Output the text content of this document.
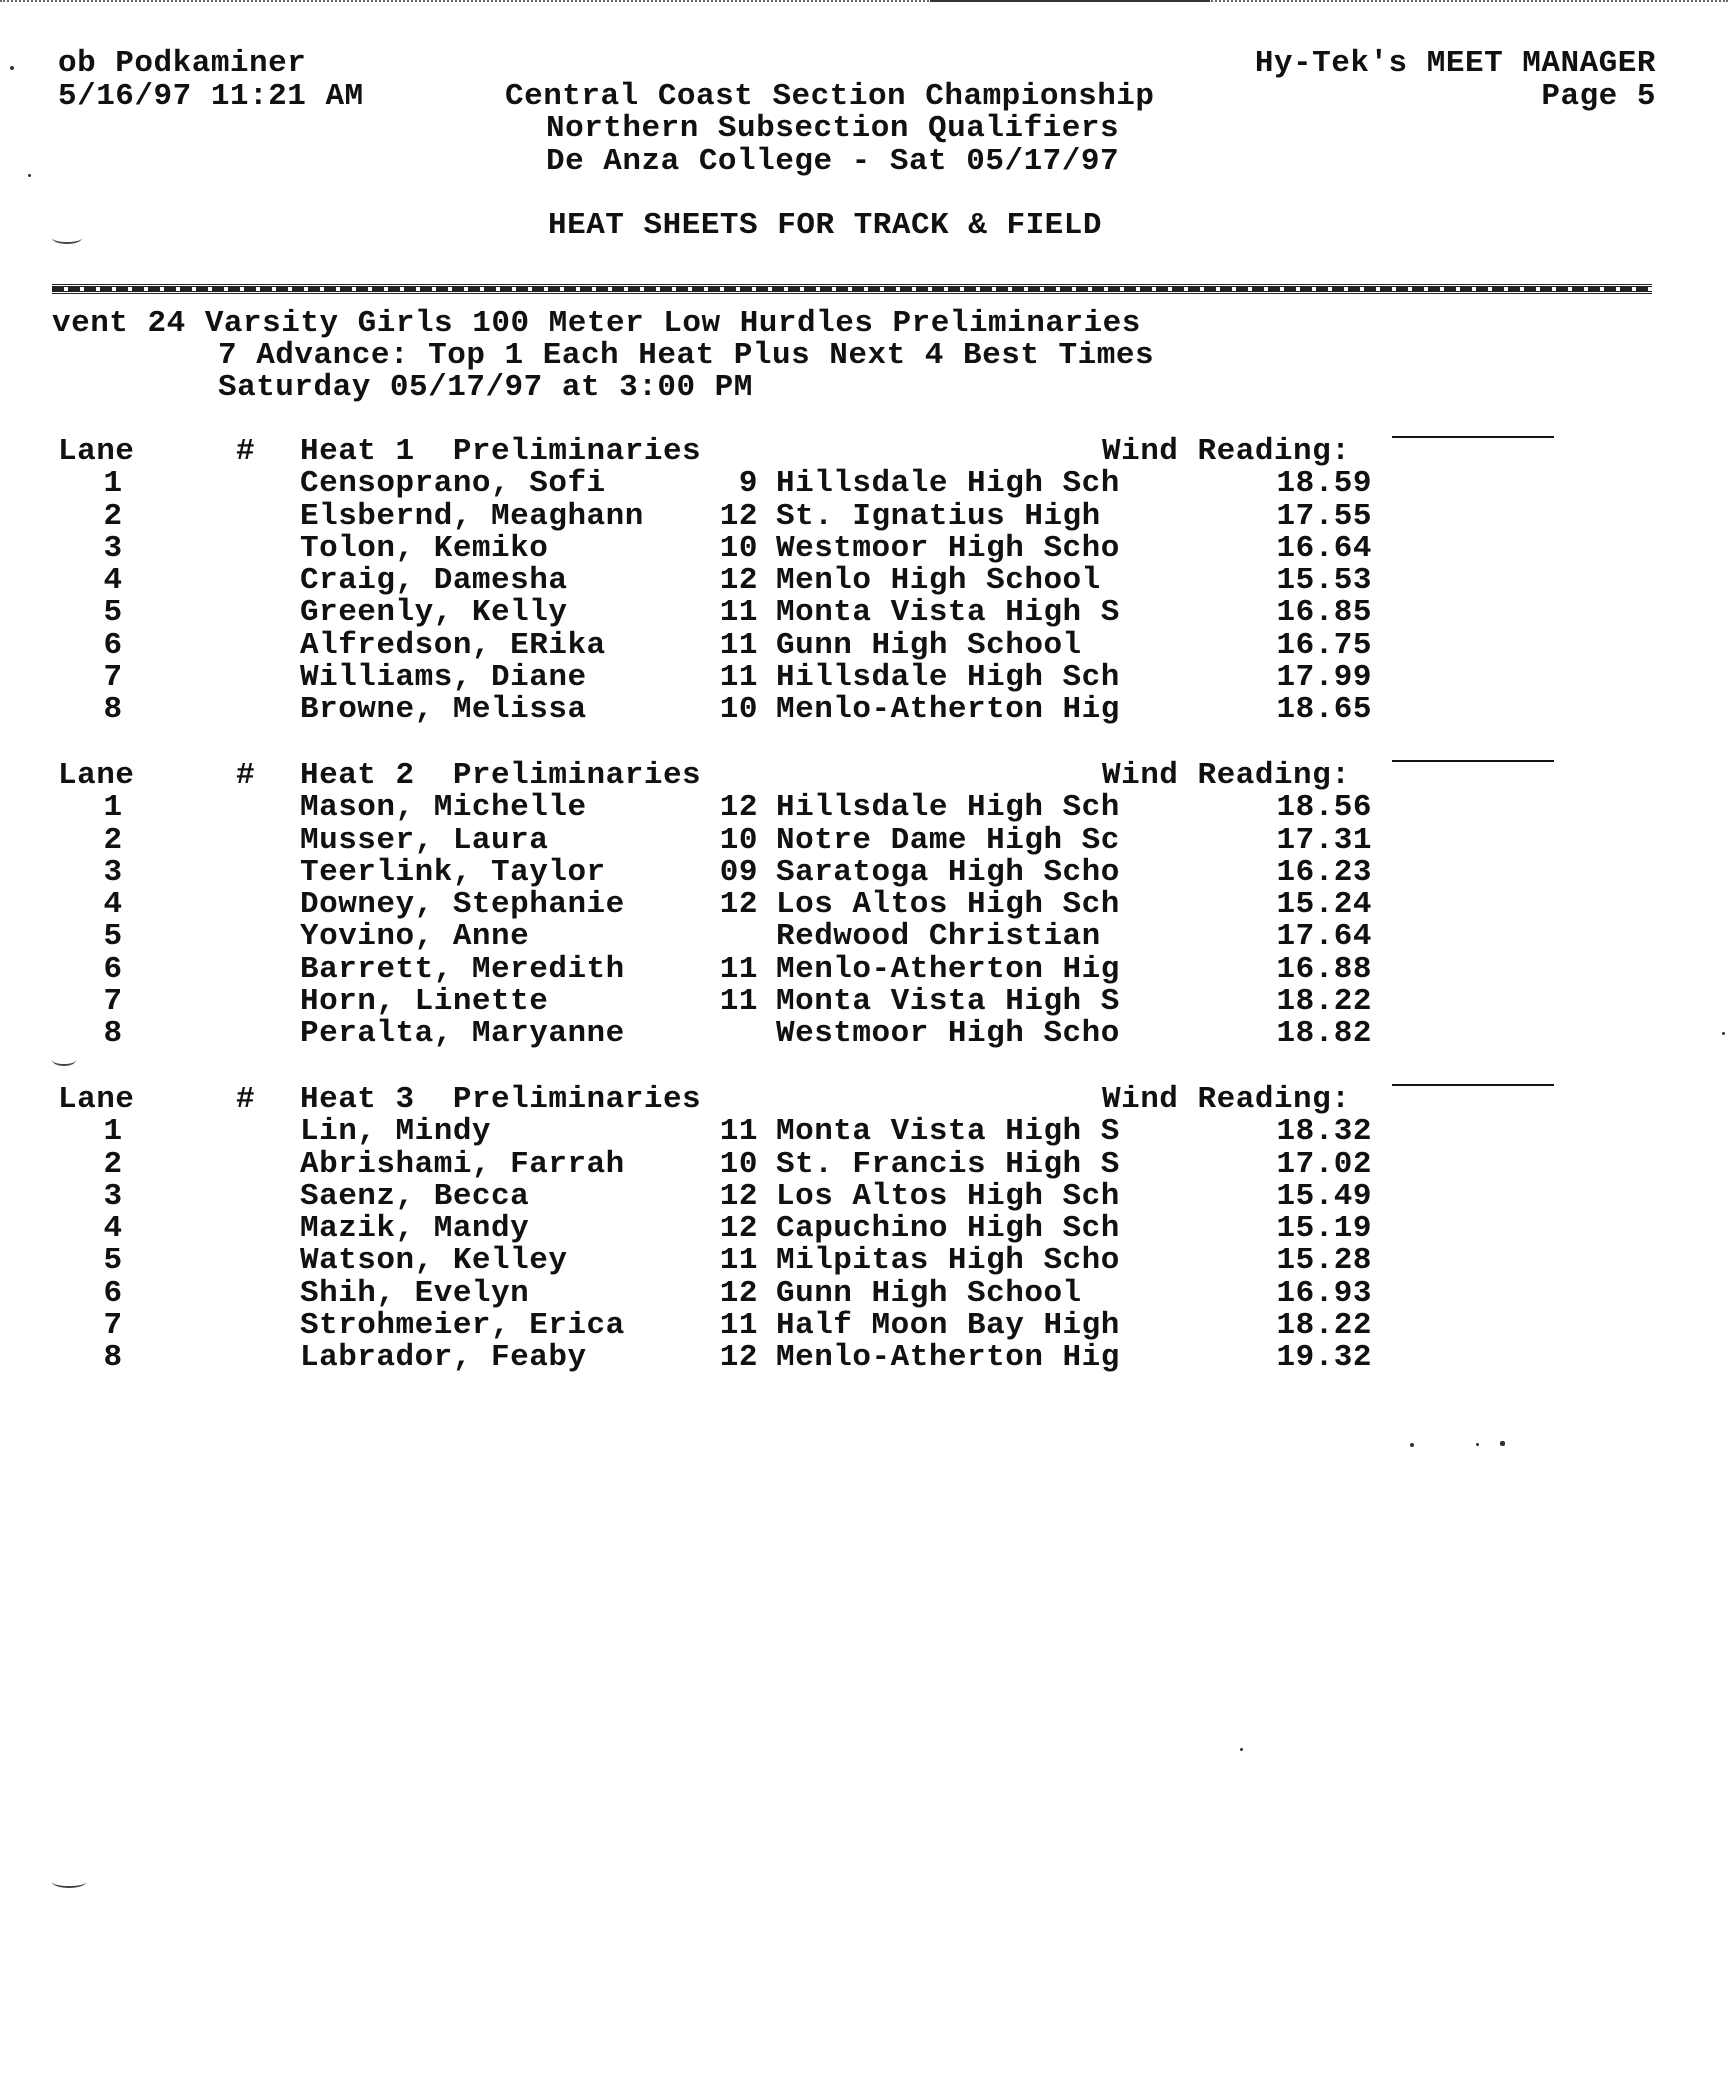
ob Podkaminer	Hy-Tek's MEET MANAGER
5/16/97 11:21 AM	Central Coast Section Championship	Page 5
Northern Subsection Qualifiers
De Anza College - Sat 05/17/97
HEAT SHEETS FOR TRACK & FIELD
vent 24 Varsity Girls 100 Meter Low Hurdles Preliminaries
7 Advance: Top 1 Each Heat Plus Next 4 Best Times
Saturday 05/17/97 at 3:00 PM
Lane	# Heat 1  Preliminaries	Wind Reading:
1	Censoprano, Sofi	9 Hillsdale High Sch	18.59
2	Elsbernd, Meaghann	12 St. Ignatius High	17.55
3	Tolon, Kemiko	10 Westmoor High Scho	16.64
4	Craig, Damesha	12 Menlo High School	15.53
5	Greenly, Kelly	11 Monta Vista High S	16.85
6	Alfredson, ERika	11 Gunn High School	16.75
7	Williams, Diane	11 Hillsdale High Sch	17.99
8	Browne, Melissa	10 Menlo-Atherton Hig	18.65
Lane	# Heat 2  Preliminaries	Wind Reading:
1	Mason, Michelle	12 Hillsdale High Sch	18.56
2	Musser, Laura	10 Notre Dame High Sc	17.31
3	Teerlink, Taylor	09 Saratoga High Scho	16.23
4	Downey, Stephanie	12 Los Altos High Sch	15.24
5	Yovino, Anne	Redwood Christian	17.64
6	Barrett, Meredith	11 Menlo-Atherton Hig	16.88
7	Horn, Linette	11 Monta Vista High S	18.22
8	Peralta, Maryanne	Westmoor High Scho	18.82
Lane	# Heat 3  Preliminaries	Wind Reading:
1	Lin, Mindy	11 Monta Vista High S	18.32
2	Abrishami, Farrah	10 St. Francis High S	17.02
3	Saenz, Becca	12 Los Altos High Sch	15.49
4	Mazik, Mandy	12 Capuchino High Sch	15.19
5	Watson, Kelley	11 Milpitas High Scho	15.28
6	Shih, Evelyn	12 Gunn High School	16.93
7	Strohmeier, Erica	11 Half Moon Bay High	18.22
8	Labrador, Feaby	12 Menlo-Atherton Hig	19.32
